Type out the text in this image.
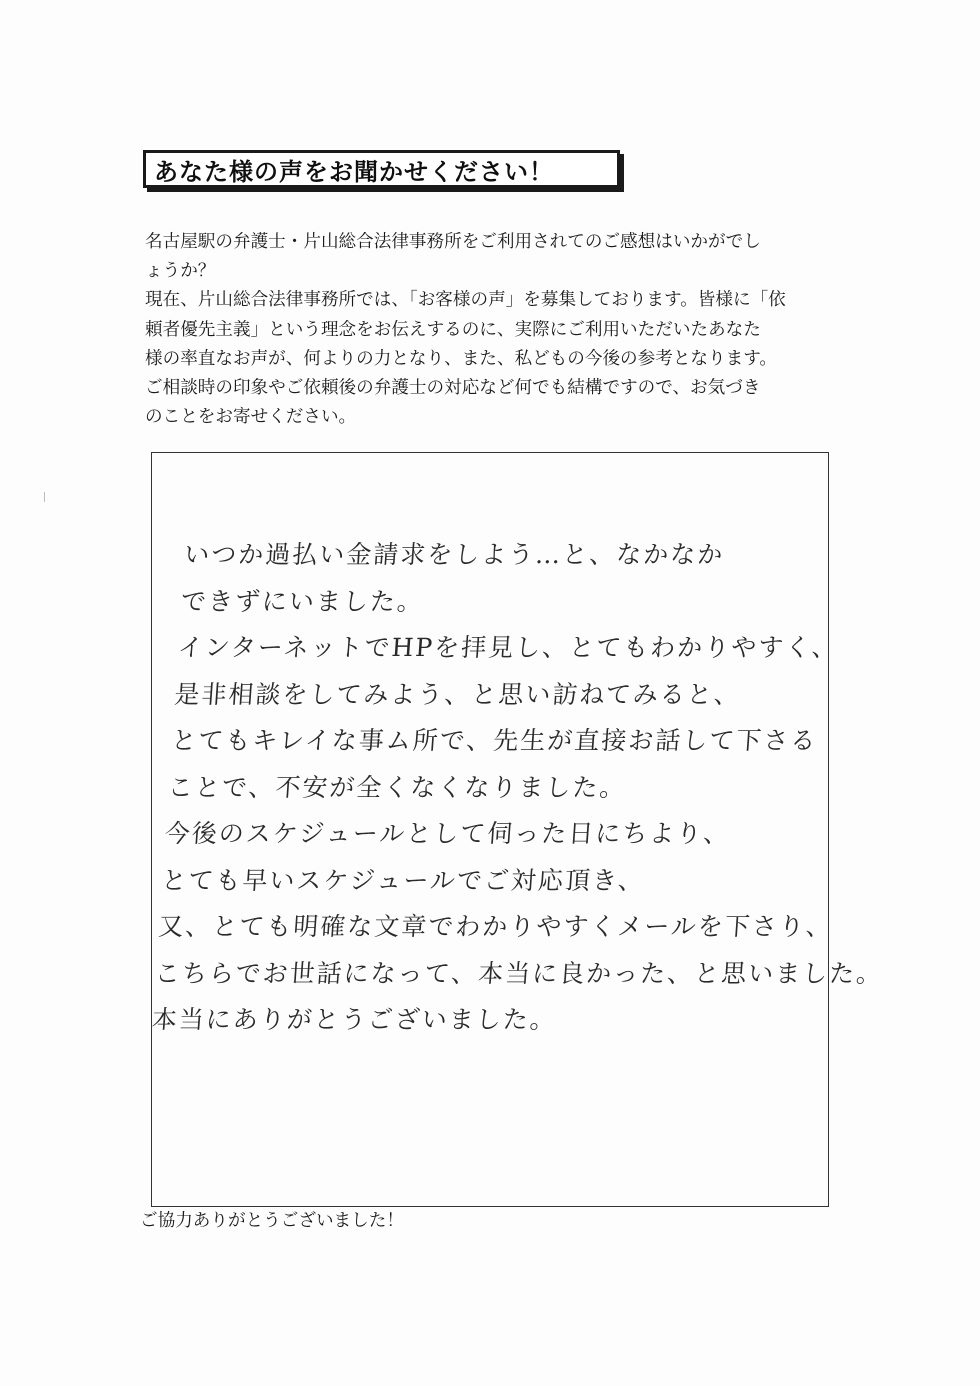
あなた様の声をお聞かせください！

名古屋駅の弁護士・片山総合法律事務所をご利用されてのご感想はいかがでし

ょうか？

現在、片山総合法律事務所では、「お客様の声」を募集しております。皆様に「依

頼者優先主義」という理念をお伝えするのに、実際にご利用いただいたあなた

様の率直なお声が、何よりの力となり、また、私どもの今後の参考となります。

ご相談時の印象やご依頼後の弁護士の対応など何でも結構ですので、お気づき

のことをお寄せください。

いつか過払い金請求をしよう…と、なかなか
できずにいました。
インターネットでHPを拝見し、とてもわかりやすく、
是非相談をしてみよう、と思い訪ねてみると、
とてもキレイな事ム所で、先生が直接お話して下さる
ことで、不安が全くなくなりました。
今後のスケジュールとして伺った日にちより、
とても早いスケジュールでご対応頂き、
又、とても明確な文章でわかりやすくメールを下さり、
こちらでお世話になって、本当に良かった、と思いました。
本当にありがとうございました。
ご協力ありがとうございました！
